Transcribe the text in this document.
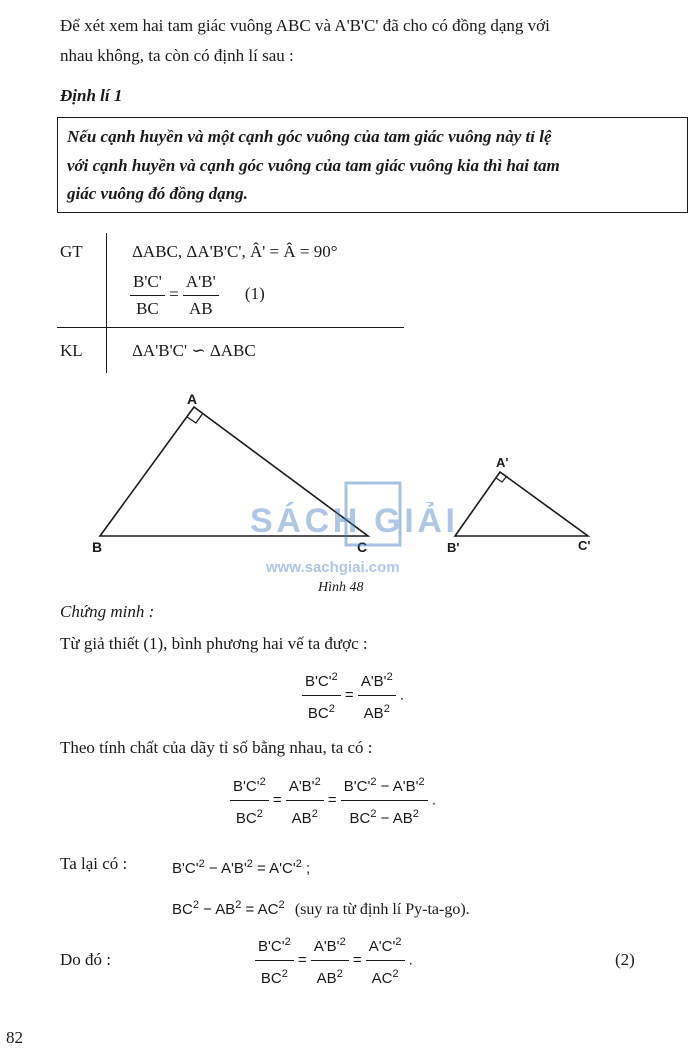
Để xét xem hai tam giác vuông ABC và A'B'C' đã cho có đồng dạng với
nhau không, ta còn có định lí sau :
Định lí 1
Nếu cạnh huyền và một cạnh góc vuông của tam giác vuông này tỉ lệ
với cạnh huyền và cạnh góc vuông của tam giác vuông kia thì hai tam
giác vuông đó đồng dạng.
GT	ΔABC, ΔA'B'C', Â' = Â = 90°
$\frac{B'C'}{BC} = \frac{A'B'}{AB} (1)$
KL	ΔA'B'C' ∽ ΔABC
A
B	C
A'
B'	C'
SÁCH GIẢI
www.sachgiai.com
Hình 48
Chứng minh :
Từ giả thiết (1), bình phương hai vế ta được :
$\frac{B'C'^2}{BC^2} = \frac{A'B'^2}{AB^2}$ .
Theo tính chất của dãy tỉ số bằng nhau, ta có :
$\frac{B'C'^2}{BC^2} = \frac{A'B'^2}{AB^2} = \frac{B'C'^2 - A'B'^2}{BC^2 - AB^2}$ .
Ta lại có :	$B'C'^2 - A'B'^2 = A'C'^2$ ;
$BC^2 - AB^2 = AC^2$ (suy ra từ định lí Py-ta-go).
Do đó :	$\frac{B'C'^2}{BC^2} = \frac{A'B'^2}{AB^2} = \frac{A'C'^2}{AC^2}$ .	(2)
82
